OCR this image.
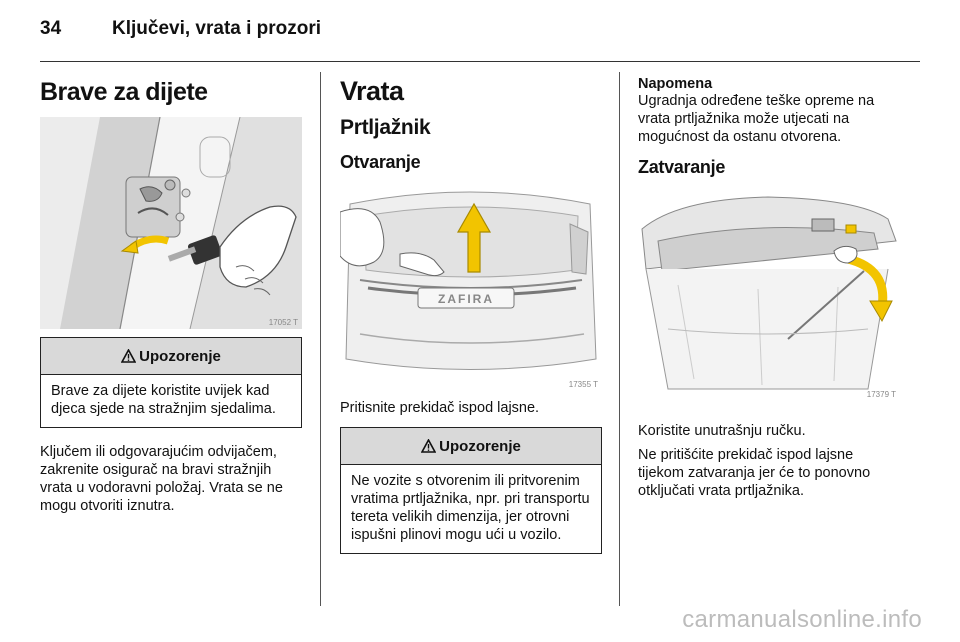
34	Ključevi, vrata i prozori
Brave za dijete
17052 T
Upozorenje
Brave za dijete koristite uvijek kad djeca sjede na stražnjim sjedalima.

Ključem ili odgovarajućim odvijačem, zakrenite osigurač na bravi stražnjih vrata u vodoravni položaj. Vrata se ne mogu otvoriti iznutra.

Vrata
Prtljažnik
Otvaranje
ZAFIRA
17355 T

Pritisnite prekidač ispod lajsne.

Upozorenje
Ne vozite s otvorenim ili pritvorenim vratima prtljažnika, npr. pri transportu tereta velikih dimenzija, jer otrovni ispušni plinovi mogu ući u vozilo.
Napomena

Ugradnja određene teške opreme na vrata prtljažnika može utjecati na mogućnost da ostanu otvorena.

Zatvaranje
17379 T

Koristite unutrašnju ručku.

Ne pritišćite prekidač ispod lajsne tijekom zatvaranja jer će to ponovno otključati vrata prtljažnika.

carmanualsonline.info
